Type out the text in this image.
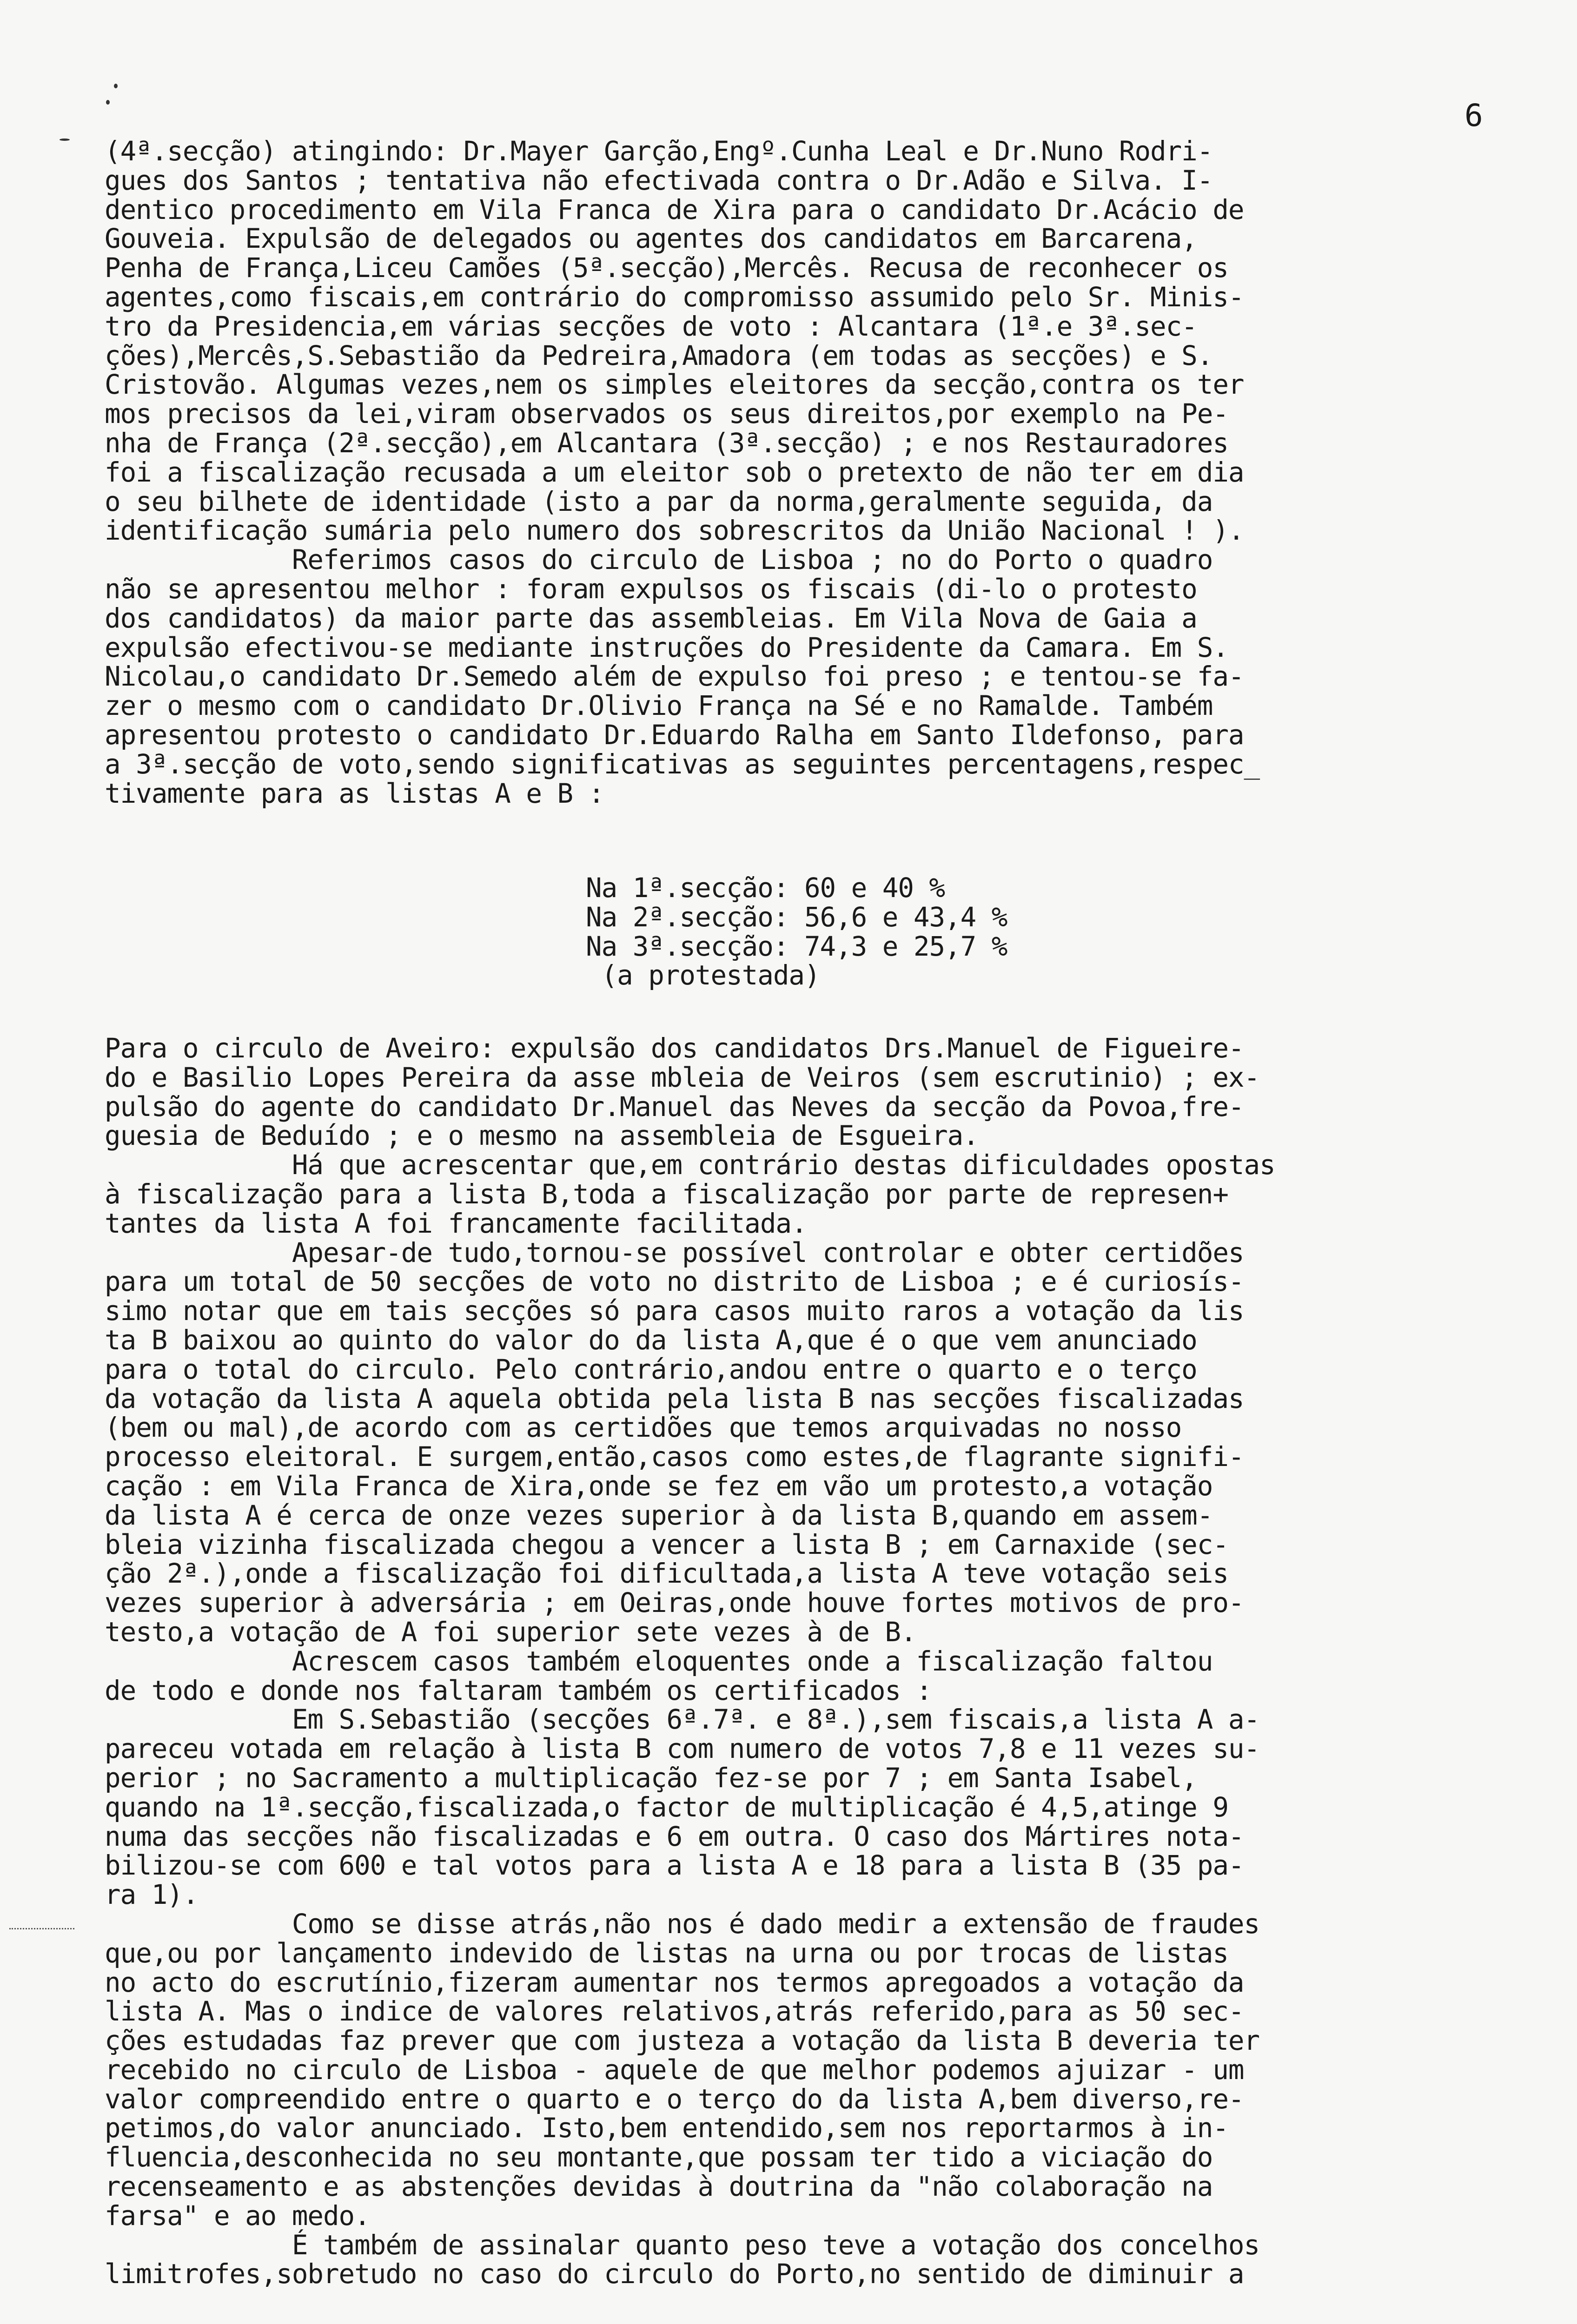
6
(4ª.secção) atingindo: Dr.Mayer Garção,Engº.Cunha Leal e Dr.Nuno Rodri-
gues dos Santos ; tentativa não efectivada contra o Dr.Adão e Silva. I-
dentico procedimento em Vila Franca de Xira para o candidato Dr.Acácio de
Gouveia. Expulsão de delegados ou agentes dos candidatos em Barcarena,
Penha de França,Liceu Camões (5ª.secção),Mercês. Recusa de reconhecer os
agentes,como fiscais,em contrário do compromisso assumido pelo Sr. Minis-
tro da Presidencia,em várias secções de voto : Alcantara (1ª.e 3ª.sec-
ções),Mercês,S.Sebastião da Pedreira,Amadora (em todas as secções) e S.
Cristovão. Algumas vezes,nem os simples eleitores da secção,contra os ter
mos precisos da lei,viram observados os seus direitos,por exemplo na Pe-
nha de França (2ª.secção),em Alcantara (3ª.secção) ; e nos Restauradores
foi a fiscalização recusada a um eleitor sob o pretexto de não ter em dia
o seu bilhete de identidade (isto a par da norma,geralmente seguida, da
identificação sumária pelo numero dos sobrescritos da União Nacional ! ).
Referimos casos do circulo de Lisboa ; no do Porto o quadro
não se apresentou melhor : foram expulsos os fiscais (di-lo o protesto
dos candidatos) da maior parte das assembleias. Em Vila Nova de Gaia a
expulsão efectivou-se mediante instruções do Presidente da Camara. Em S.
Nicolau,o candidato Dr.Semedo além de expulso foi preso ; e tentou-se fa-
zer o mesmo com o candidato Dr.Olivio França na Sé e no Ramalde. Também
apresentou protesto o candidato Dr.Eduardo Ralha em Santo Ildefonso, para
a 3ª.secção de voto,sendo significativas as seguintes percentagens,respec_
tivamente para as listas A e B :
Na 1ª.secção: 60 e 40 %
Na 2ª.secção: 56,6 e 43,4 %
Na 3ª.secção: 74,3 e 25,7 %
(a protestada)
Para o circulo de Aveiro: expulsão dos candidatos Drs.Manuel de Figueire-
do e Basilio Lopes Pereira da asse mbleia de Veiros (sem escrutinio) ; ex-
pulsão do agente do candidato Dr.Manuel das Neves da secção da Povoa,fre-
guesia de Beduído ; e o mesmo na assembleia de Esgueira.
Há que acrescentar que,em contrário destas dificuldades opostas
à fiscalização para a lista B,toda a fiscalização por parte de represen+
tantes da lista A foi francamente facilitada.
Apesar-de tudo,tornou-se possível controlar e obter certidões
para um total de 50 secções de voto no distrito de Lisboa ; e é curiosís-
simo notar que em tais secções só para casos muito raros a votação da lis
ta B baixou ao quinto do valor do da lista A,que é o que vem anunciado
para o total do circulo. Pelo contrário,andou entre o quarto e o terço
da votação da lista A aquela obtida pela lista B nas secções fiscalizadas
(bem ou mal),de acordo com as certidões que temos arquivadas no nosso
processo eleitoral. E surgem,então,casos como estes,de flagrante signifi-
cação : em Vila Franca de Xira,onde se fez em vão um protesto,a votação
da lista A é cerca de onze vezes superior à da lista B,quando em assem-
bleia vizinha fiscalizada chegou a vencer a lista B ; em Carnaxide (sec-
ção 2ª.),onde a fiscalização foi dificultada,a lista A teve votação seis
vezes superior à adversária ; em Oeiras,onde houve fortes motivos de pro-
testo,a votação de A foi superior sete vezes à de B.
Acrescem casos também eloquentes onde a fiscalização faltou
de todo e donde nos faltaram também os certificados :
Em S.Sebastião (secções 6ª.7ª. e 8ª.),sem fiscais,a lista A a-
pareceu votada em relação à lista B com numero de votos 7,8 e 11 vezes su-
perior ; no Sacramento a multiplicação fez-se por 7 ; em Santa Isabel,
quando na 1ª.secção,fiscalizada,o factor de multiplicação é 4,5,atinge 9
numa das secções não fiscalizadas e 6 em outra. O caso dos Mártires nota-
bilizou-se com 600 e tal votos para a lista A e 18 para a lista B (35 pa-
ra 1).
Como se disse atrás,não nos é dado medir a extensão de fraudes
que,ou por lançamento indevido de listas na urna ou por trocas de listas
no acto do escrutínio,fizeram aumentar nos termos apregoados a votação da
lista A. Mas o indice de valores relativos,atrás referido,para as 50 sec-
ções estudadas faz prever que com justeza a votação da lista B deveria ter
recebido no circulo de Lisboa - aquele de que melhor podemos ajuizar - um
valor compreendido entre o quarto e o terço do da lista A,bem diverso,re-
petimos,do valor anunciado. Isto,bem entendido,sem nos reportarmos à in-
fluencia,desconhecida no seu montante,que possam ter tido a viciação do
recenseamento e as abstenções devidas à doutrina da "não colaboração na
farsa" e ao medo.
É também de assinalar quanto peso teve a votação dos concelhos
limitrofes,sobretudo no caso do circulo do Porto,no sentido de diminuir a
